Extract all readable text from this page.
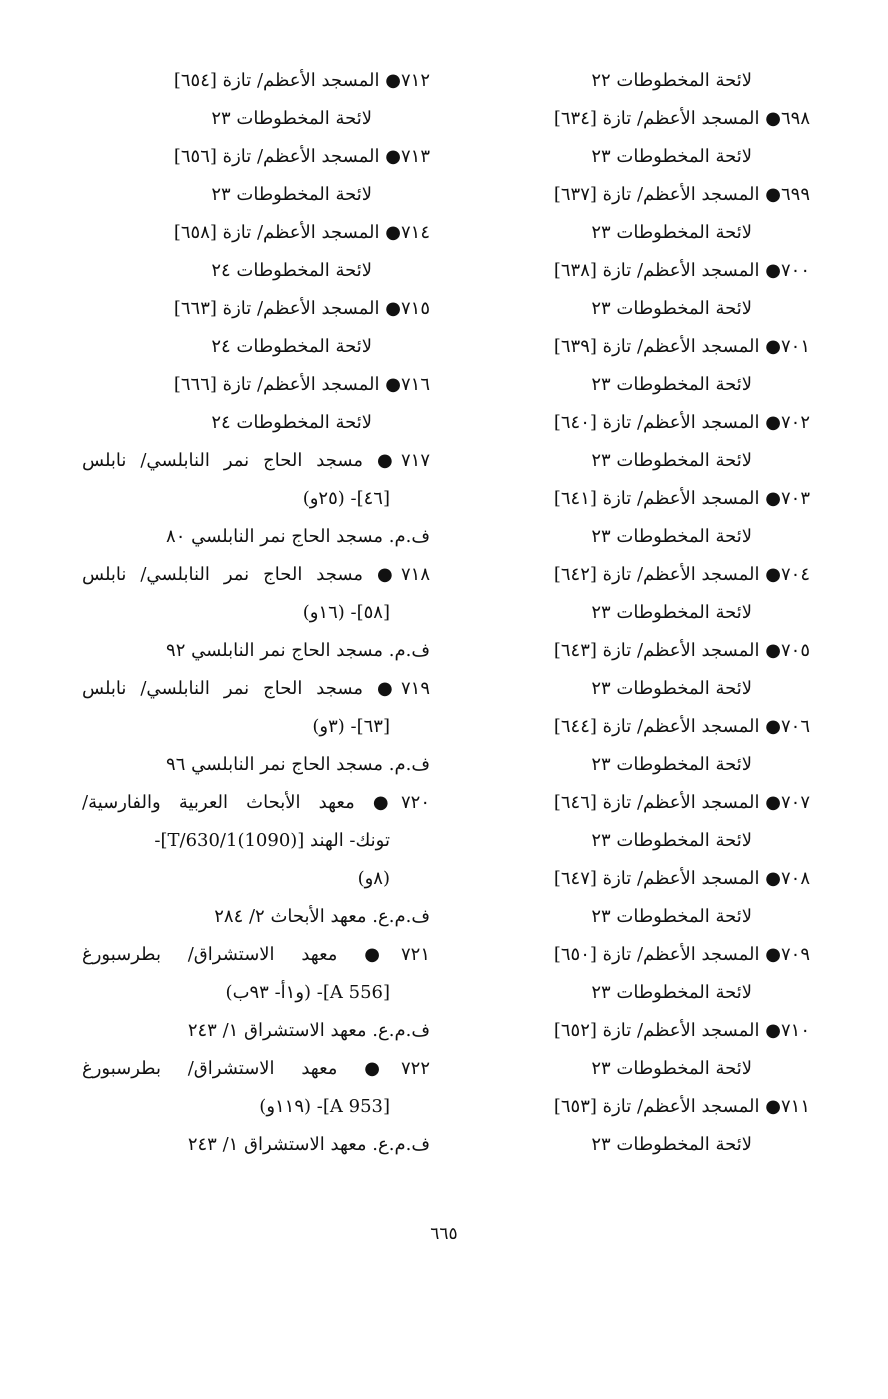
لائحة المخطوطات ٢٢
٦٩٨● المسجد الأعظم/ تازة [٦٣٤]
لائحة المخطوطات ٢٣
٦٩٩● المسجد الأعظم/ تازة [٦٣٧]
لائحة المخطوطات ٢٣
٧٠٠● المسجد الأعظم/ تازة [٦٣٨]
لائحة المخطوطات ٢٣
٧٠١● المسجد الأعظم/ تازة [٦٣٩]
لائحة المخطوطات ٢٣
٧٠٢● المسجد الأعظم/ تازة [٦٤٠]
لائحة المخطوطات ٢٣
٧٠٣● المسجد الأعظم/ تازة [٦٤١]
لائحة المخطوطات ٢٣
٧٠٤● المسجد الأعظم/ تازة [٦٤٢]
لائحة المخطوطات ٢٣
٧٠٥● المسجد الأعظم/ تازة [٦٤٣]
لائحة المخطوطات ٢٣
٧٠٦● المسجد الأعظم/ تازة [٦٤٤]
لائحة المخطوطات ٢٣
٧٠٧● المسجد الأعظم/ تازة [٦٤٦]
لائحة المخطوطات ٢٣
٧٠٨● المسجد الأعظم/ تازة [٦٤٧]
لائحة المخطوطات ٢٣
٧٠٩● المسجد الأعظم/ تازة [٦٥٠]
لائحة المخطوطات ٢٣
٧١٠● المسجد الأعظم/ تازة [٦٥٢]
لائحة المخطوطات ٢٣
٧١١● المسجد الأعظم/ تازة [٦٥٣]
لائحة المخطوطات ٢٣
٧١٢● المسجد الأعظم/ تازة [٦٥٤]
لائحة المخطوطات ٢٣
٧١٣● المسجد الأعظم/ تازة [٦٥٦]
لائحة المخطوطات ٢٣
٧١٤● المسجد الأعظم/ تازة [٦٥٨]
لائحة المخطوطات ٢٤
٧١٥● المسجد الأعظم/ تازة [٦٦٣]
لائحة المخطوطات ٢٤
٧١٦● المسجد الأعظم/ تازة [٦٦٦]
لائحة المخطوطات ٢٤
٧١٧● مسجد الحاج نمر النابلسي/ نابلس
[٤٦]- (٢٥و)
ف.م. مسجد الحاج نمر النابلسي ٨٠
٧١٨● مسجد الحاج نمر النابلسي/ نابلس
[٥٨]- (١٦و)
ف.م. مسجد الحاج نمر النابلسي ٩٢
٧١٩● مسجد الحاج نمر النابلسي/ نابلس
[٦٣]- (٣و)
ف.م. مسجد الحاج نمر النابلسي ٩٦
٧٢٠● معهد الأبحاث العربية والفارسية/
تونك- الهند [T/630/1(1090)]-
(٨و)
ف.م.ع. معهد الأبحاث ٢/ ٢٨٤
٧٢١● معهد الاستشراق/ بطرسبورغ
[A 556]- (و١أ- ٩٣ب)
ف.م.ع. معهد الاستشراق ١/ ٢٤٣
٧٢٢● معهد الاستشراق/ بطرسبورغ
[A 953]- (١١٩و)
ف.م.ع. معهد الاستشراق ١/ ٢٤٣
٦٦٥
